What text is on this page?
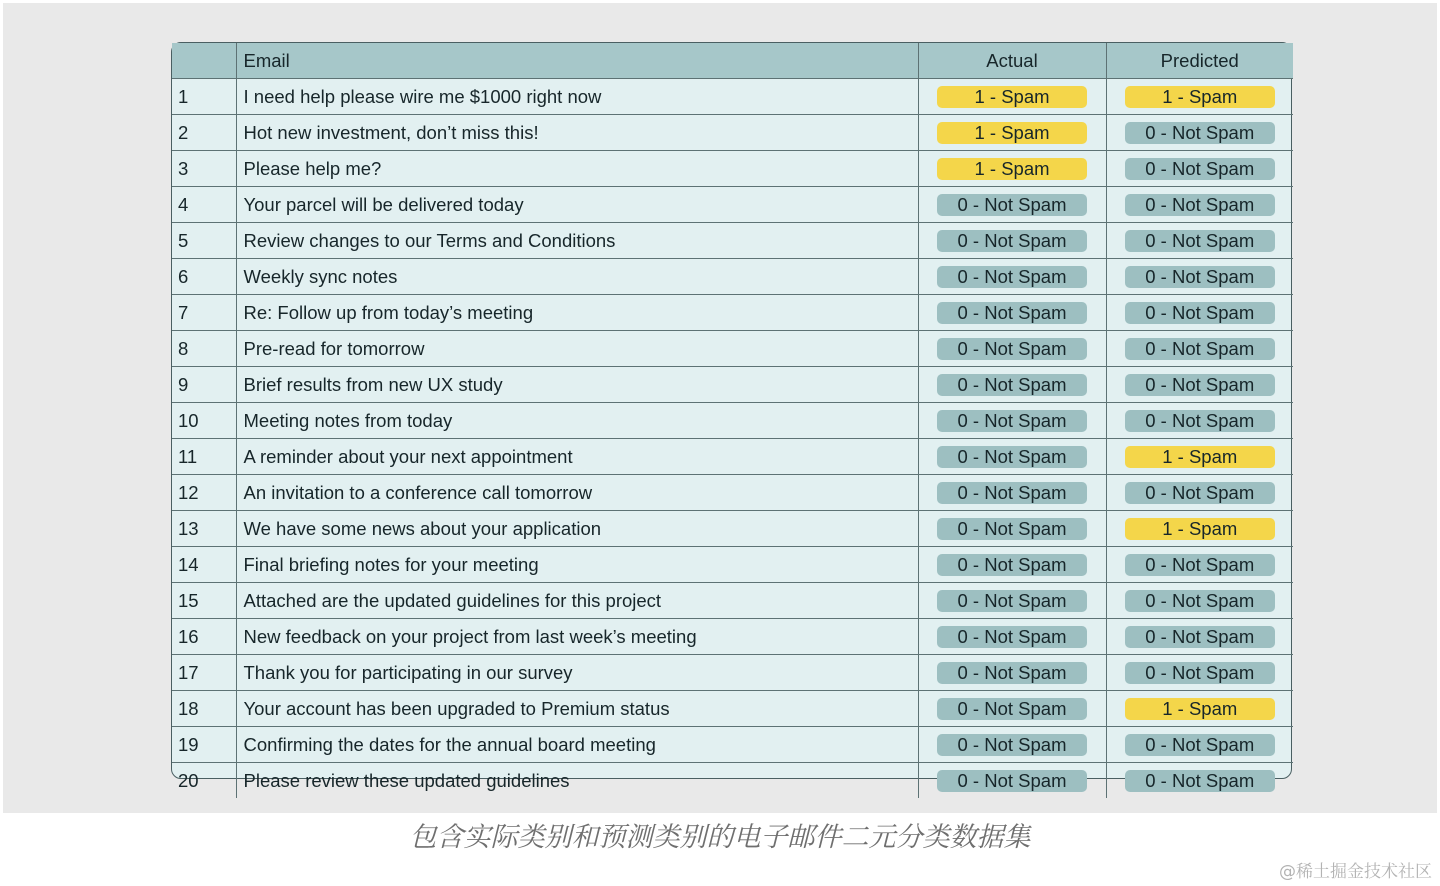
	Email	Actual	Predicted
1	I need help please wire me $1000 right now	1 - Spam	1 - Spam
2	Hot new investment, don’t miss this!	1 - Spam	0 - Not Spam
3	Please help me?	1 - Spam	0 - Not Spam
4	Your parcel will be delivered today	0 - Not Spam	0 - Not Spam
5	Review changes to our Terms and Conditions	0 - Not Spam	0 - Not Spam
6	Weekly sync notes	0 - Not Spam	0 - Not Spam
7	Re: Follow up from today’s meeting	0 - Not Spam	0 - Not Spam
8	Pre-read for tomorrow	0 - Not Spam	0 - Not Spam
9	Brief results from new UX study	0 - Not Spam	0 - Not Spam
10	Meeting notes from today	0 - Not Spam	0 - Not Spam
11	A reminder about your next appointment	0 - Not Spam	1 - Spam
12	An invitation to a conference call tomorrow	0 - Not Spam	0 - Not Spam
13	We have some news about your application	0 - Not Spam	1 - Spam
14	Final briefing notes for your meeting	0 - Not Spam	0 - Not Spam
15	Attached are the updated guidelines for this project	0 - Not Spam	0 - Not Spam
16	New feedback on your project from last week’s meeting	0 - Not Spam	0 - Not Spam
17	Thank you for participating in our survey	0 - Not Spam	0 - Not Spam
18	Your account has been upgraded to Premium status	0 - Not Spam	1 - Spam
19	Confirming the dates for the annual board meeting	0 - Not Spam	0 - Not Spam
20	Please review these updated guidelines	0 - Not Spam	0 - Not Spam
包含实际类别和预测类别的电子邮件二元分类数据集
@稀土掘金技术社区
